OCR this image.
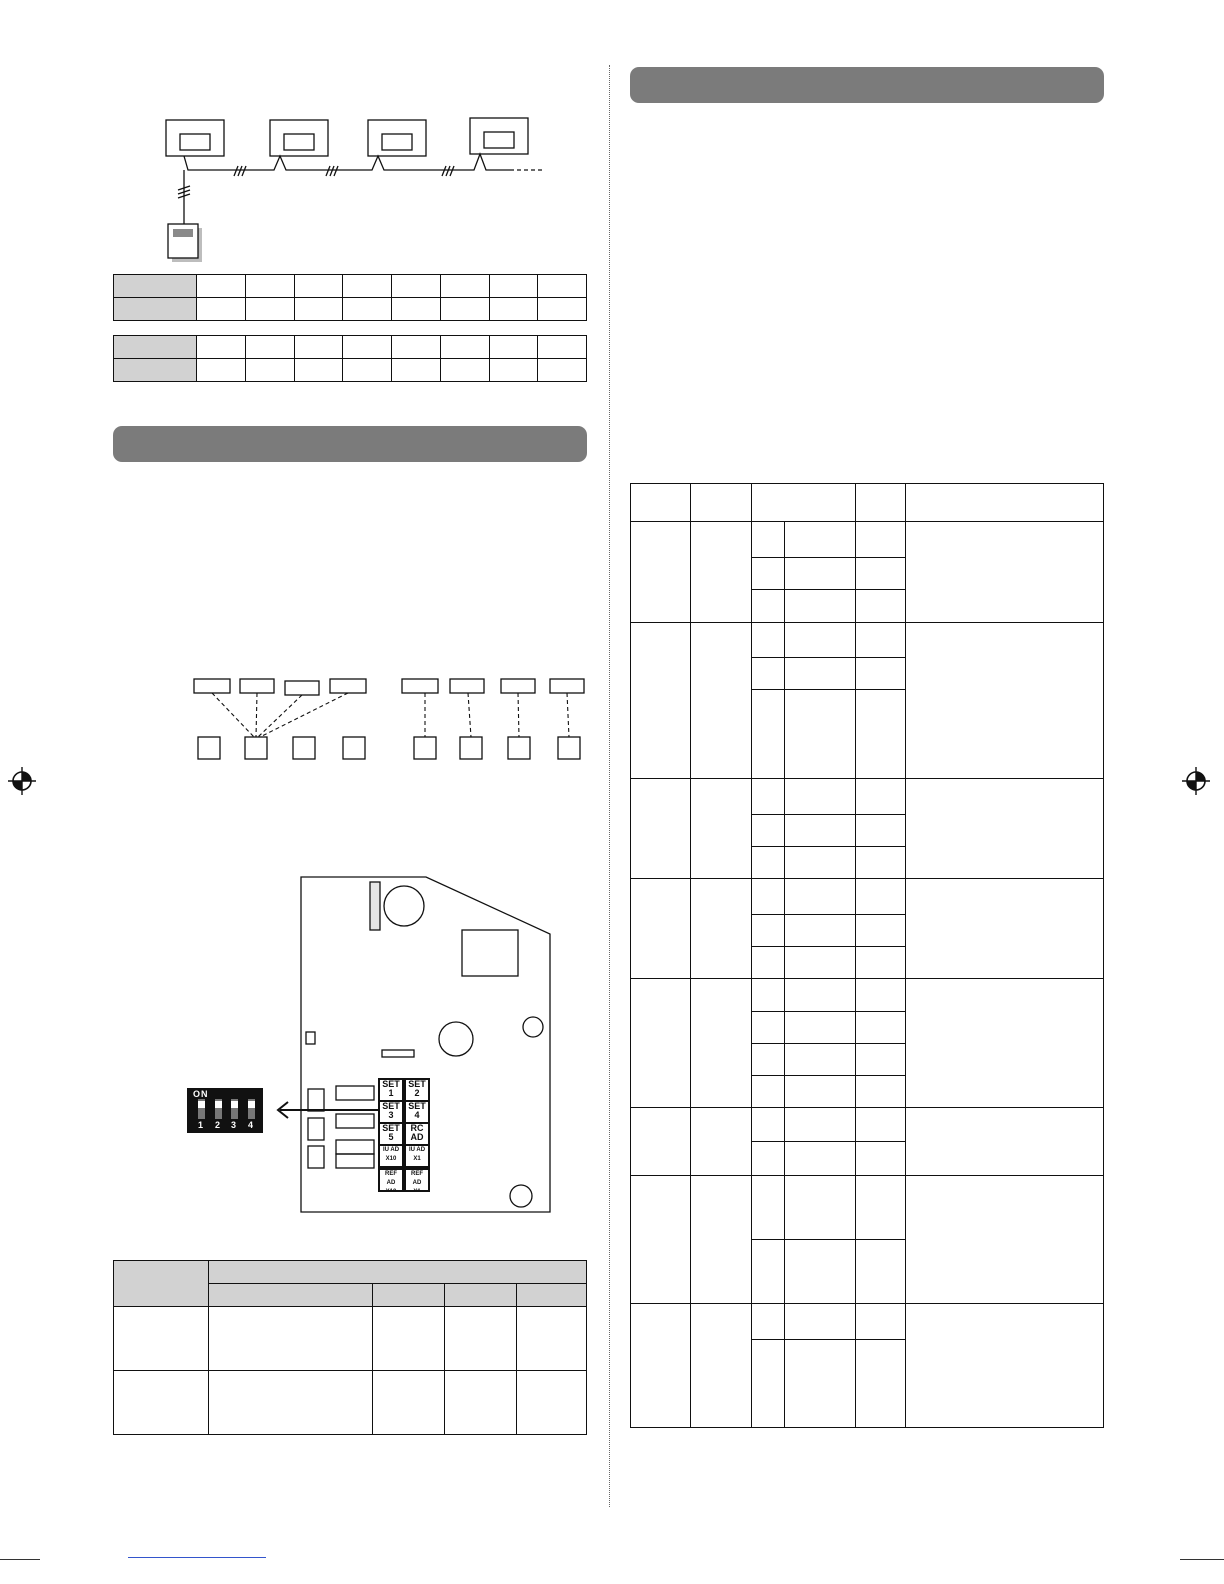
SET
1
SET
2
SET
3
SET
4
SET
5
RC
AD
IU AD
X10
IU AD
X1
REF AD
X10
REF AD
X1
ON
1 2 3 4
